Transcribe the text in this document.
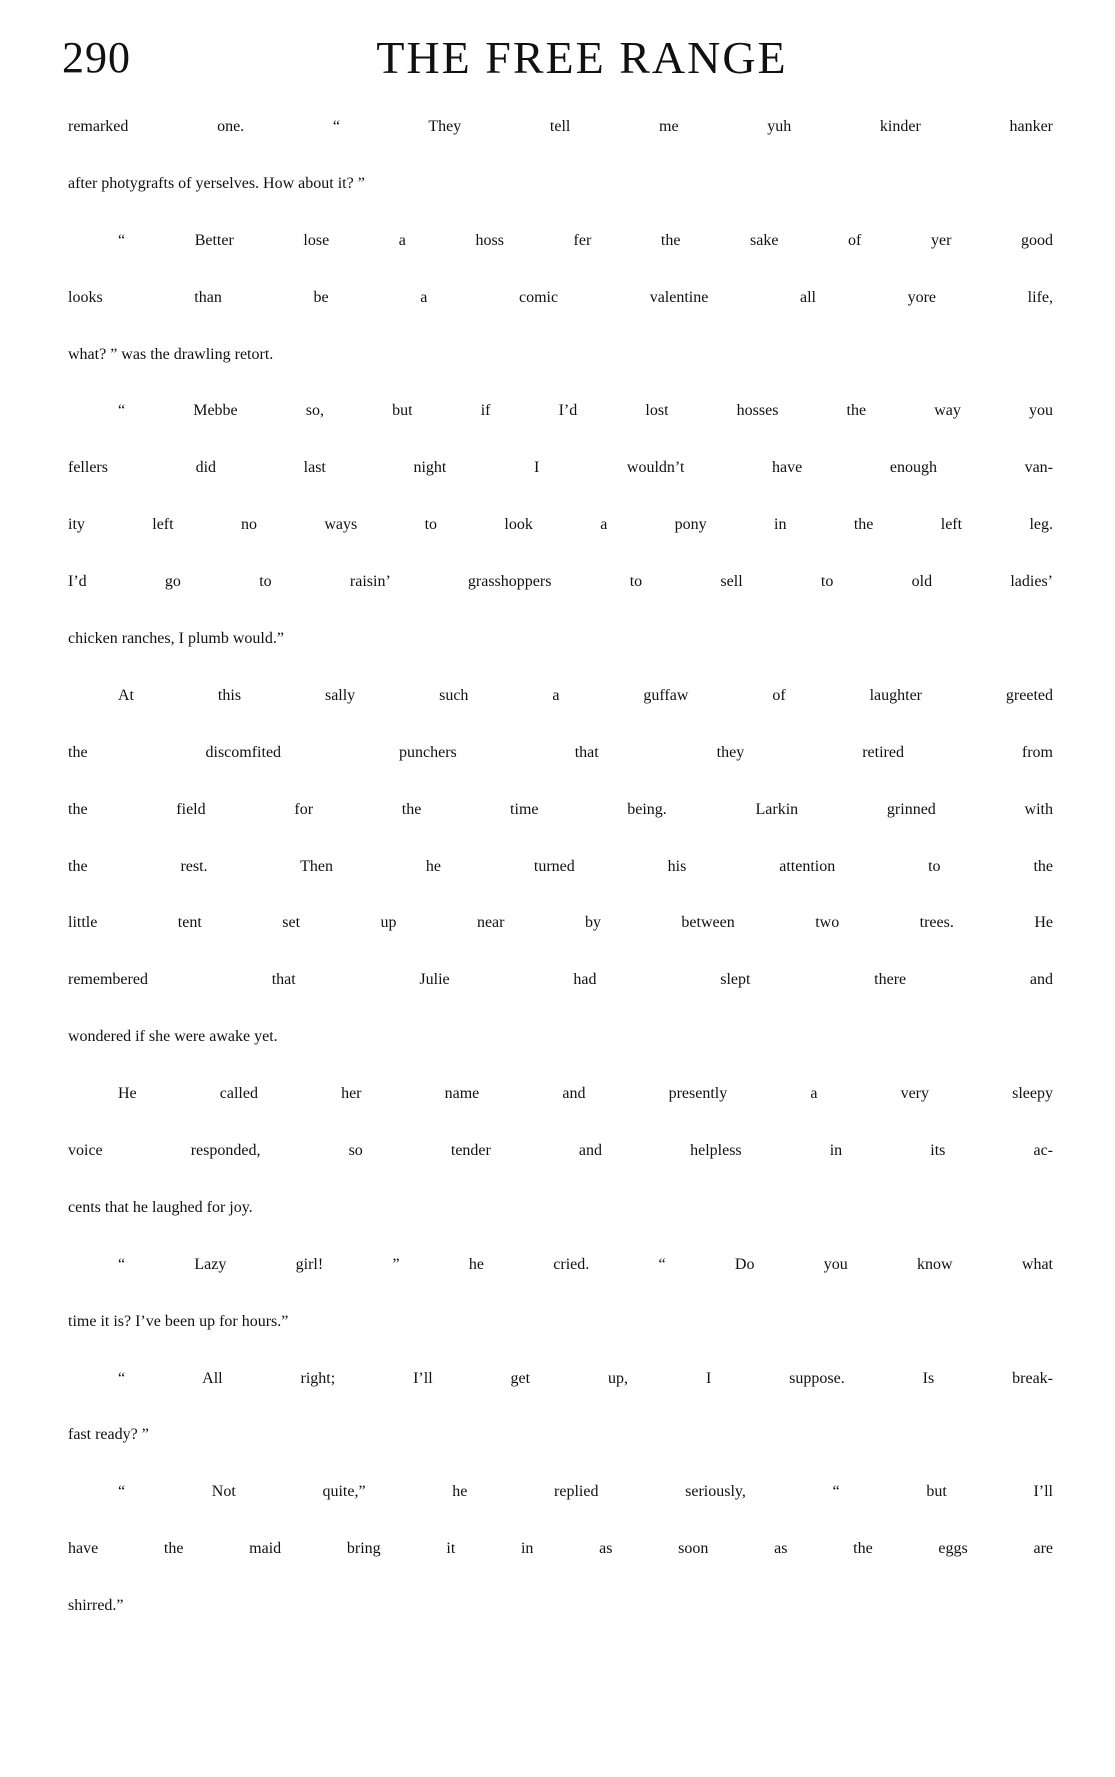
290	THE FREE RANGE
remarked one. “ They tell me yuh kinder hanker
after photygrafts of yerselves. How about it? ”
“ Better lose a hoss fer the sake of yer good
looks than be a comic valentine all yore life,
what? ” was the drawling retort.
“ Mebbe so, but if I’d lost hosses the way you
fellers did last night I wouldn’t have enough van-
ity left no ways to look a pony in the left leg.
I’d go to raisin’ grasshoppers to sell to old ladies’
chicken ranches, I plumb would.”
At this sally such a guffaw of laughter greeted
the discomfited punchers that they retired from
the field for the time being. Larkin grinned with
the rest. Then he turned his attention to the
little tent set up near by between two trees. He
remembered that Julie had slept there and
wondered if she were awake yet.
He called her name and presently a very sleepy
voice responded, so tender and helpless in its ac-
cents that he laughed for joy.
“ Lazy girl! ” he cried. “ Do you know what
time it is? I’ve been up for hours.”
“ All right; I’ll get up, I suppose. Is break-
fast ready? ”
“ Not quite,” he replied seriously, “ but I’ll
have the maid bring it in as soon as the eggs are
shirred.”
